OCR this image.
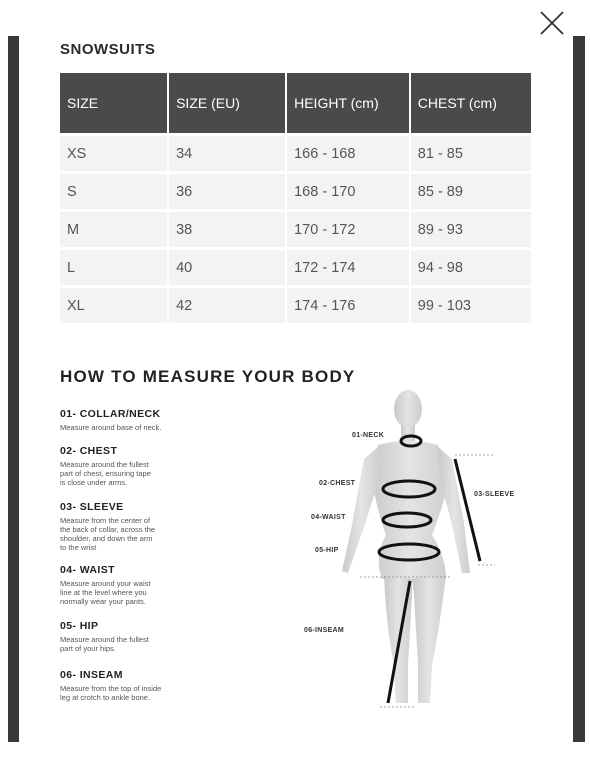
SNOWSUITS
SIZE	SIZE (EU)	HEIGHT (cm)	CHEST (cm)
XS	34	166 - 168	81 - 85
S	36	168 - 170	85 - 89
M	38	170 - 172	89 - 93
L	40	172 - 174	94 - 98
XL	42	174 - 176	99 - 103
HOW TO MEASURE YOUR BODY
01- COLLAR/NECK
Measure around base of neck.
02- CHEST
Measure around the fullest
part of chest, ensuring tape
is close under arms.
03- SLEEVE
Measure from the center of
the back of collar, across the
shoulder, and down the arm
to the wrist
04- WAIST
Measure around your waist
line at the level where you
normally wear your pants.
05- HIP
Measure around the fullest
part of your hips.
06- INSEAM
Measure from the top of inside
leg at crotch to ankle bone.
01-NECK
02-CHEST
03-SLEEVE
04-WAIST
05-HIP
06-INSEAM
